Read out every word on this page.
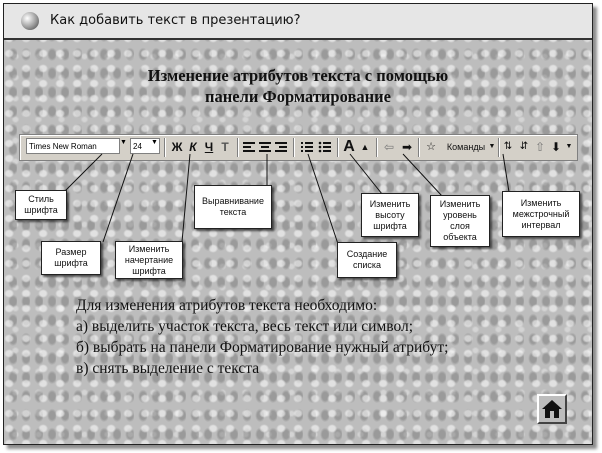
Как добавить текст в презентацию?
Изменение атрибутов текста с помощью
панели Форматирование
Times New Roman	▼ 24	▼ Ж К Ч Т	A ▲ ⇦ ➡ ☆	Команды ▼ ⇅ ⇵ ⇧ ⬇ ▼
Стиль шрифта
Размер шрифта
Изменить начертание шрифта
Выравнивание текста
Создание списка
Изменить высоту шрифта
Изменить уровень слоя объекта
Изменить межстрочный интервал
Для изменения атрибутов текста необходимо:
а) выделить участок текста, весь текст или символ;
б) выбрать на панели Форматирование нужный атрибут;
в) снять выделение с текста
